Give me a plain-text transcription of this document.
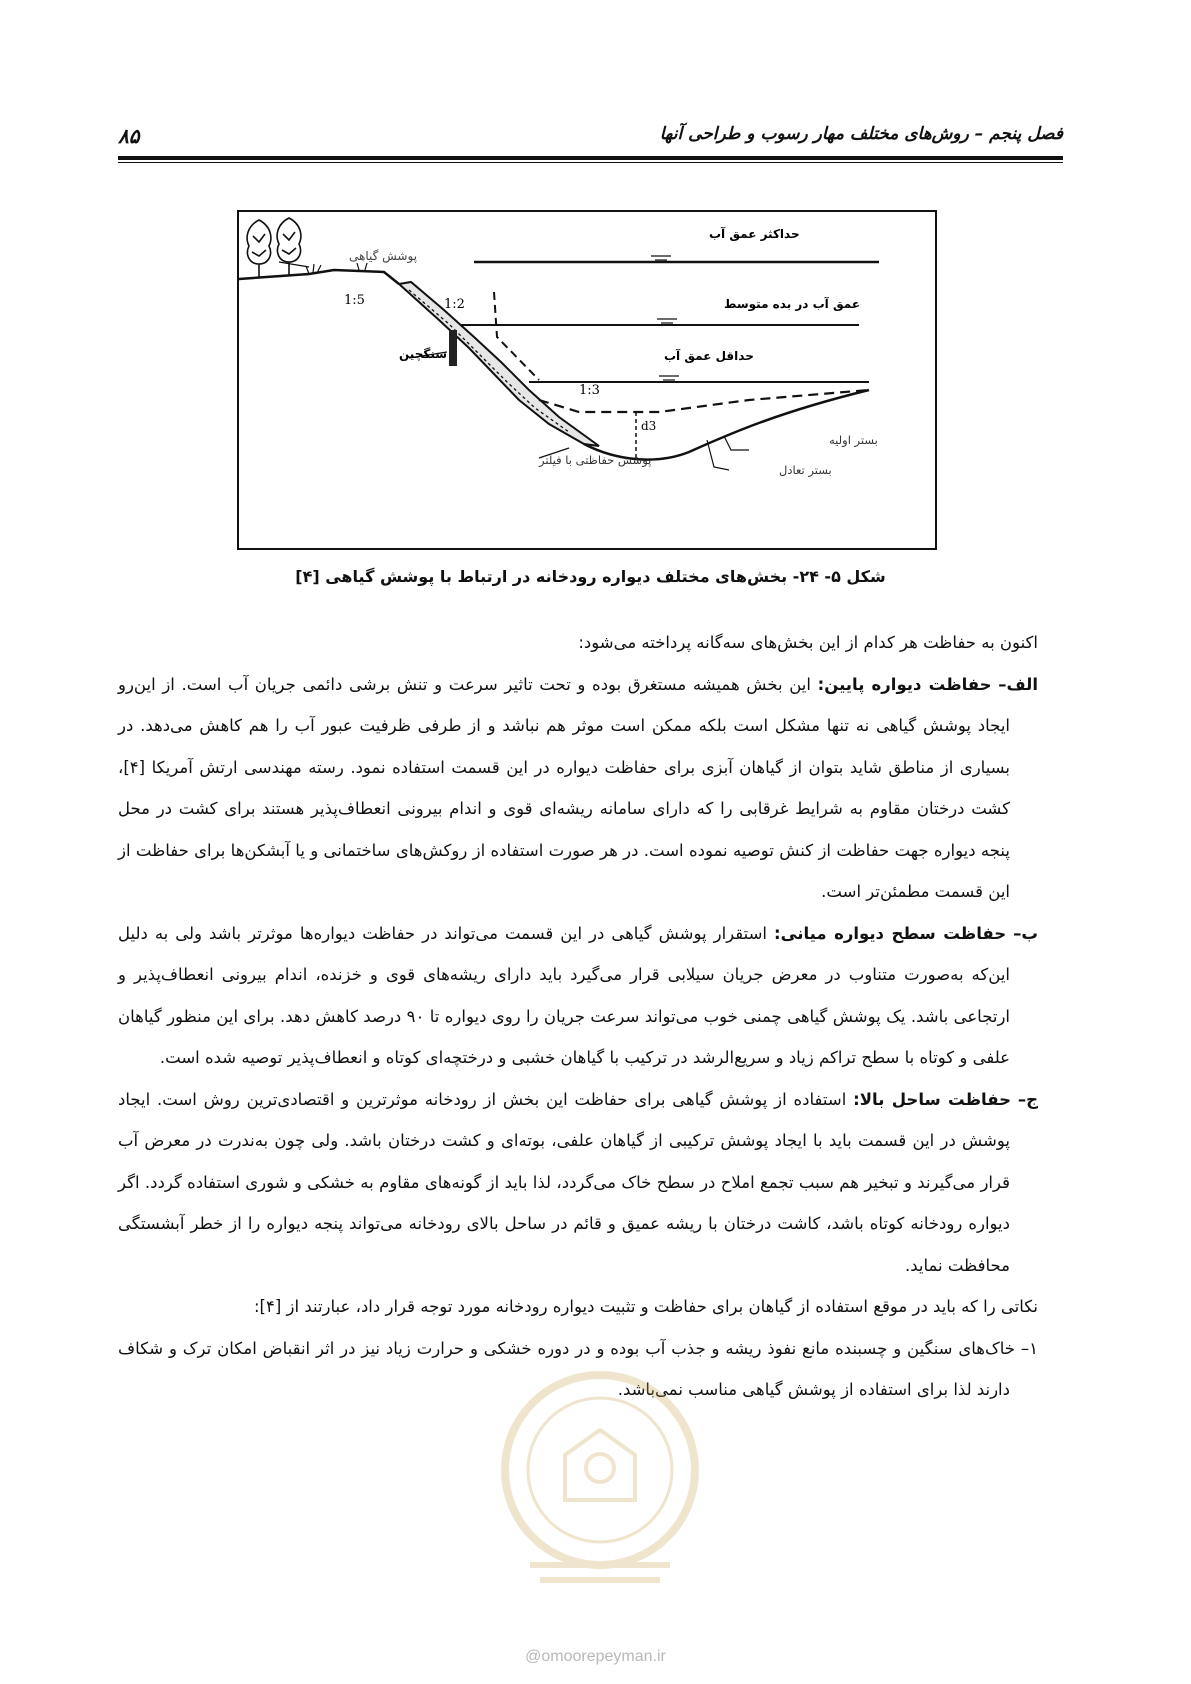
فصل پنجم – روش‌های مختلف مهار رسوب و طراحی آنها
۸۵
حداکثر عمق آب
پوشش گیاهی
عمق آب در بده متوسط
حداقل عمق آب
سنگچین
1:5	1:2
1:3
d3
بستر اولیه
بستر تعادل
پوشش حفاظتی با فیلتر
شکل ۵- ۲۴- بخش‌های مختلف دیواره رودخانه در ارتباط با پوشش گیاهی [۴]

اکنون به حفاظت هر کدام از این بخش‌های سه‌گانه پرداخته می‌شود:

الف– حفاظت دیواره پایین: این بخش همیشه مستغرق بوده و تحت تاثیر سرعت و تنش برشی دائمی جریان آب است. از این‌رو ایجاد پوشش گیاهی نه تنها مشکل است بلکه ممکن است موثر هم نباشد و از طرفی ظرفیت عبور آب را هم کاهش می‌دهد. در بسیاری از مناطق شاید بتوان از گیاهان آبزی برای حفاظت دیواره در این قسمت استفاده نمود. رسته مهندسی ارتش آمریکا [۴]، کشت درختان مقاوم به شرایط غرقابی را که دارای سامانه ریشه‌ای قوی و اندام بیرونی انعطاف‌پذیر هستند برای کشت در محل پنجه دیواره جهت حفاظت از کنش توصیه نموده است. در هر صورت استفاده از روکش‌های ساختمانی و یا آبشکن‌ها برای حفاظت از این قسمت مطمئن‌تر است.

ب– حفاظت سطح دیواره میانی: استقرار پوشش گیاهی در این قسمت می‌تواند در حفاظت دیواره‌ها موثرتر باشد ولی به دلیل این‌که به‌صورت متناوب در معرض جریان سیلابی قرار می‌گیرد باید دارای ریشه‌های قوی و خزنده، اندام بیرونی انعطاف‌پذیر و ارتجاعی باشد. یک پوشش گیاهی چمنی خوب می‌تواند سرعت جریان را روی دیواره تا ۹۰ درصد کاهش دهد. برای این منظور گیاهان علفی و کوتاه با سطح تراکم زیاد و سریع‌الرشد در ترکیب با گیاهان خشبی و درختچه‌ای کوتاه و انعطاف‌پذیر توصیه شده است.

ج– حفاظت ساحل بالا: استفاده از پوشش گیاهی برای حفاظت این بخش از رودخانه موثرترین و اقتصادی‌ترین روش است. ایجاد پوشش در این قسمت باید با ایجاد پوشش ترکیبی از گیاهان علفی، بوته‌ای و کشت درختان باشد. ولی چون به‌ندرت در معرض آب قرار می‌گیرند و تبخیر هم سبب تجمع املاح در سطح خاک می‌گردد، لذا باید از گونه‌های مقاوم به خشکی و شوری استفاده گردد. اگر دیواره رودخانه کوتاه باشد، کاشت درختان با ریشه عمیق و قائم در ساحل بالای رودخانه می‌تواند پنجه دیواره را از خطر آبشستگی محافظت نماید.

نکاتی را که باید در موقع استفاده از گیاهان برای حفاظت و تثبیت دیواره رودخانه مورد توجه قرار داد، عبارتند از [۴]:

۱– خاک‌های سنگین و چسبنده مانع نفوذ ریشه و جذب آب بوده و در دوره خشکی و حرارت زیاد نیز در اثر انقباض امکان ترک و شکاف دارند لذا برای استفاده از پوشش گیاهی مناسب نمی‌باشد.

@omoorepeyman.ir
